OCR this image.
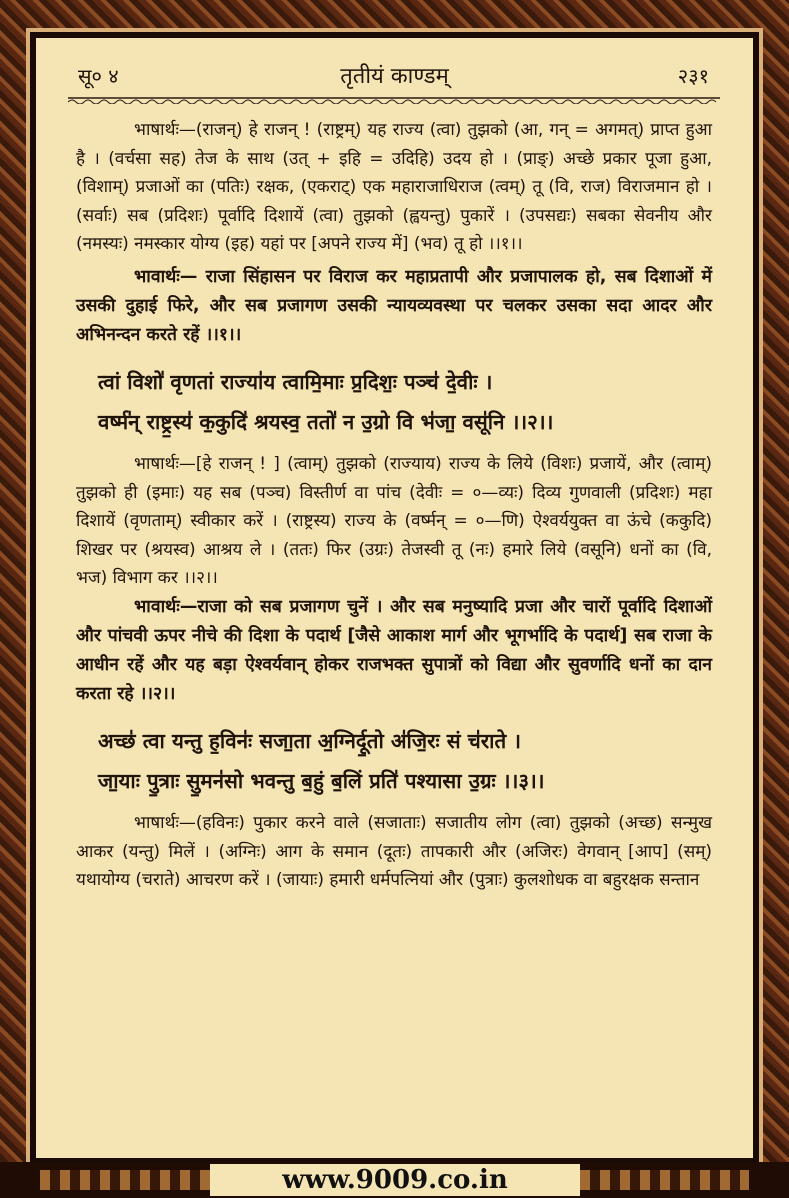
सू० ४	तृतीयं काण्डम्	२३१

भाषार्थः—(राजन्) हे राजन् ! (राष्ट्रम्) यह राज्य (त्वा) तुझको (आ, गन् = अगमत्) प्राप्त हुआ है । (वर्चसा सह) तेज के साथ (उत् + इहि = उदिहि) उदय हो । (प्राङ्) अच्छे प्रकार पूजा हुआ, (विशाम्) प्रजाओं का (पतिः) रक्षक, (एकराट्) एक महाराजाधिराज (त्वम्) तू (वि, राज) विराजमान हो । (सर्वाः) सब (प्रदिशः) पूर्वादि दिशायें (त्वा) तुझको (ह्वयन्तु) पुकारें । (उपसद्यः) सबका सेवनीय और (नमस्यः) नमस्कार योग्य (इह) यहां पर [अपने राज्य में] (भव) तू हो ।।१।।

भावार्थः— राजा सिंहासन पर विराज कर महाप्रतापी और प्रजापालक हो, सब दिशाओं में उसकी दुहाई फिरे, और सब प्रजागण उसकी न्यायव्यवस्था पर चलकर उसका सदा आदर और अभिनन्दन करते रहें ।।१।।

त्वां विशो॑ वृणतां राज्या॑य त्वामि॒माः प्र॒दिशः॒ पञ्च॑ दे॒वीः ।
वर्ष्म॑न् राष्ट्र॒स्य॑ क॒कुदि॑ श्रयस्व॒ ततो॑ न उ॒ग्रो वि भ॑जा॒ वसू॑नि ।।२।।

भाषार्थः—[हे राजन् ! ] (त्वाम्) तुझको (राज्याय) राज्य के लिये (विशः) प्रजायें, और (त्वाम्) तुझको ही (इमाः) यह सब (पञ्च) विस्तीर्ण वा पांच (देवीः = ०—व्यः) दिव्य गुणवाली (प्रदिशः) महा दिशायें (वृणताम्) स्वीकार करें । (राष्ट्रस्य) राज्य के (वर्ष्मन् = ०—णि) ऐश्वर्ययुक्त वा ऊंचे (ककुदि) शिखर पर (श्रयस्व) आश्रय ले । (ततः) फिर (उग्रः) तेजस्वी तू (नः) हमारे लिये (वसूनि) धनों का (वि, भज) विभाग कर ।।२।।

भावार्थः—राजा को सब प्रजागण चुनें । और सब मनुष्यादि प्रजा और चारों पूर्वादि दिशाओं और पांचवी ऊपर नीचे की दिशा के पदार्थ [जैसे आकाश मार्ग और भूगर्भादि के पदार्थ] सब राजा के आधीन रहें और यह बड़ा ऐश्वर्यवान् होकर राजभक्त सुपात्रों को विद्या और सुवर्णादि धनों का दान करता रहे ।।२।।

अच्छ॑ त्वा यन्तु ह॒विनः॑ सजा॒ता अ॒ग्निर्दू॒तो अ॑जि॒रः सं च॑राते ।
जा॒याः पु॒त्राः सु॒मन॑सो भवन्तु ब॒हुं ब॒लिं प्रति॑ पश्यासा उ॒ग्रः ।।३।।

भाषार्थः—(हविनः) पुकार करने वाले (सजाताः) सजातीय लोग (त्वा) तुझको (अच्छ) सन्मुख आकर (यन्तु) मिलें । (अग्निः) आग के समान (दूतः) तापकारी और (अजिरः) वेगवान् [आप] (सम्) यथायोग्य (चराते) आचरण करें । (जायाः) हमारी धर्मपत्नियां और (पुत्राः) कुलशोधक वा बहुरक्षक सन्तान

www.9009.co.in
